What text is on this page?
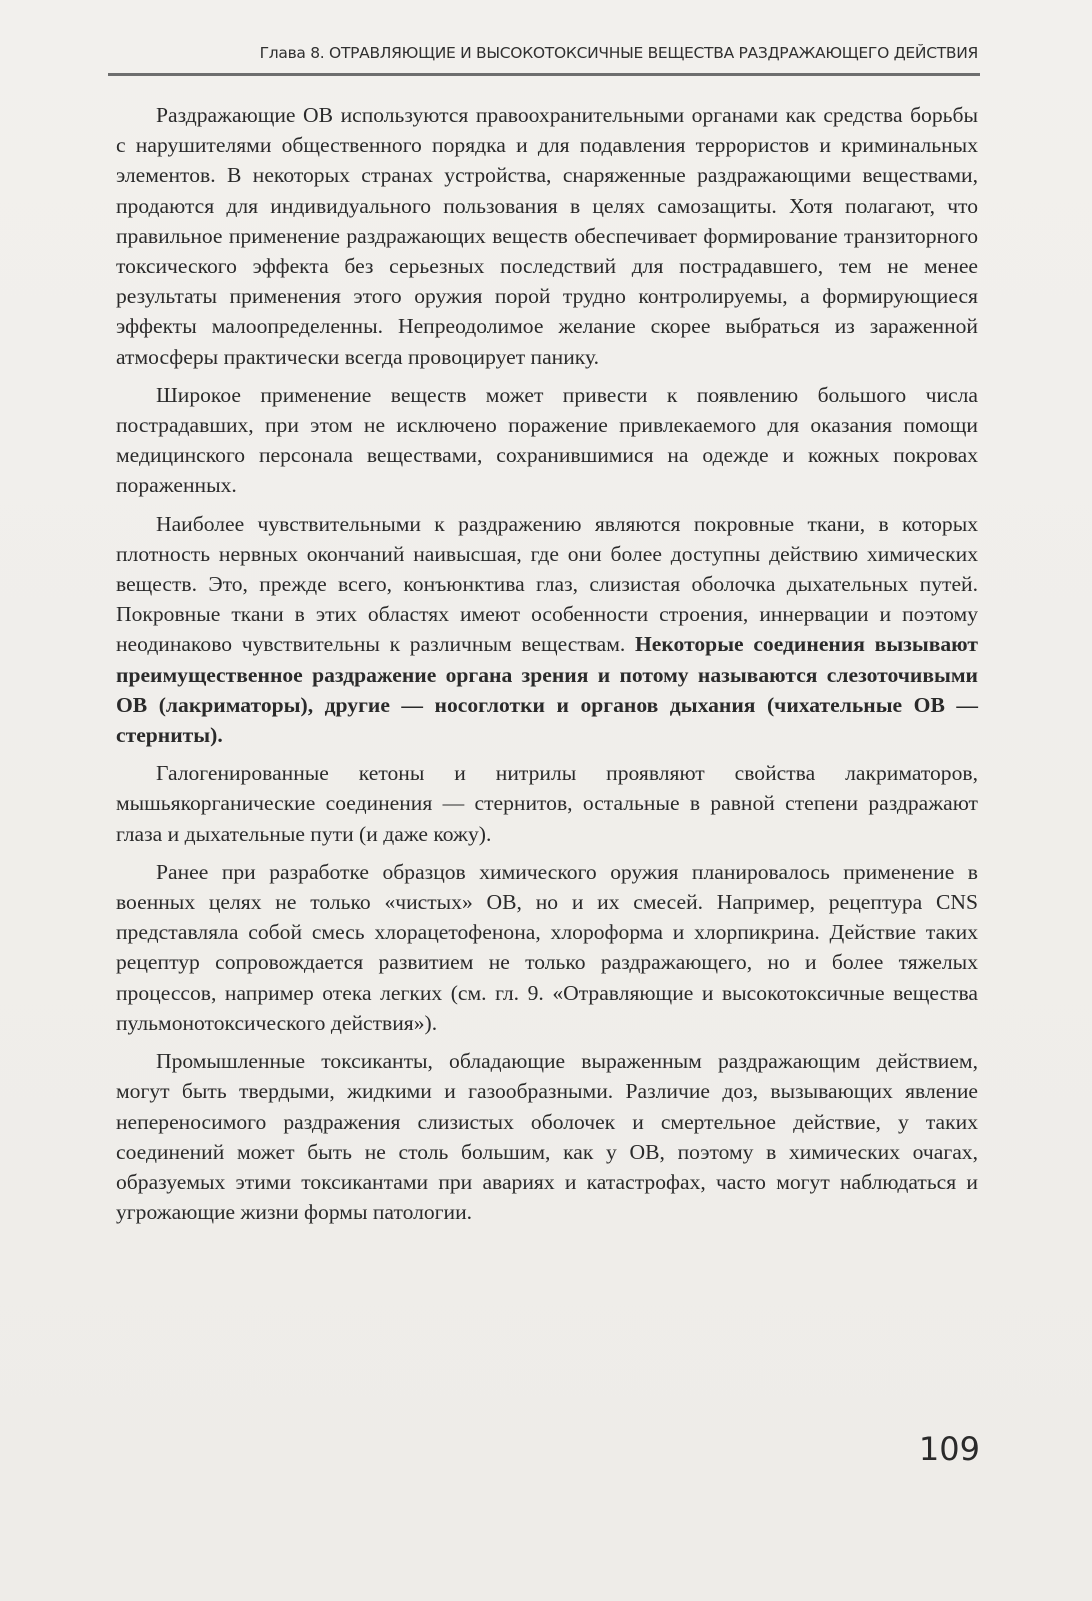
Глава 8. ОТРАВЛЯЮЩИЕ И ВЫСОКОТОКСИЧНЫЕ ВЕЩЕСТВА РАЗДРАЖАЮЩЕГО ДЕЙСТВИЯ

Раздражающие ОВ используются правоохранительными органами как средства борьбы с нарушителями общественного порядка и для подавления террористов и криминальных элементов. В некоторых странах устройства, снаряженные раздражающими веществами, продаются для индивидуального пользования в целях самозащиты. Хотя полагают, что правильное применение раздражающих веществ обеспечивает формирование транзиторного токсического эффекта без серьезных последствий для пострадавшего, тем не менее результаты применения этого оружия порой трудно контролируемы, а формирующиеся эффекты малоопределенны. Непреодолимое желание скорее выбраться из зараженной атмосферы практически всегда провоцирует панику.

Широкое применение веществ может привести к появлению большого числа пострадавших, при этом не исключено поражение привлекаемого для оказания помощи медицинского персонала веществами, сохранившимися на одежде и кожных покровах пораженных.

Наиболее чувствительными к раздражению являются покровные ткани, в которых плотность нервных окончаний наивысшая, где они более доступны действию химических веществ. Это, прежде всего, конъюнктива глаз, слизистая оболочка дыхательных путей. Покровные ткани в этих областях имеют особенности строения, иннервации и поэтому неодинаково чувствительны к различным веществам. Некоторые соединения вызывают преимущественное раздражение органа зрения и потому называются слезоточивыми ОВ (лакриматоры), другие — носоглотки и органов дыхания (чихательные ОВ — стерниты).

Галогенированные кетоны и нитрилы проявляют свойства лакриматоров, мышьякорганические соединения — стернитов, остальные в равной степени раздражают глаза и дыхательные пути (и даже кожу).

Ранее при разработке образцов химического оружия планировалось применение в военных целях не только «чистых» ОВ, но и их смесей. Например, рецептура CNS представляла собой смесь хлорацетофенона, хлороформа и хлорпикрина. Действие таких рецептур сопровождается развитием не только раздражающего, но и более тяжелых процессов, например отека легких (см. гл. 9. «Отравляющие и высокотоксичные вещества пульмонотоксического действия»).

Промышленные токсиканты, обладающие выраженным раздражающим действием, могут быть твердыми, жидкими и газообразными. Различие доз, вызывающих явление непереносимого раздражения слизистых оболочек и смертельное действие, у таких соединений может быть не столь большим, как у ОВ, поэтому в химических очагах, образуемых этими токсикантами при авариях и катастрофах, часто могут наблюдаться и угрожающие жизни формы патологии.

109
